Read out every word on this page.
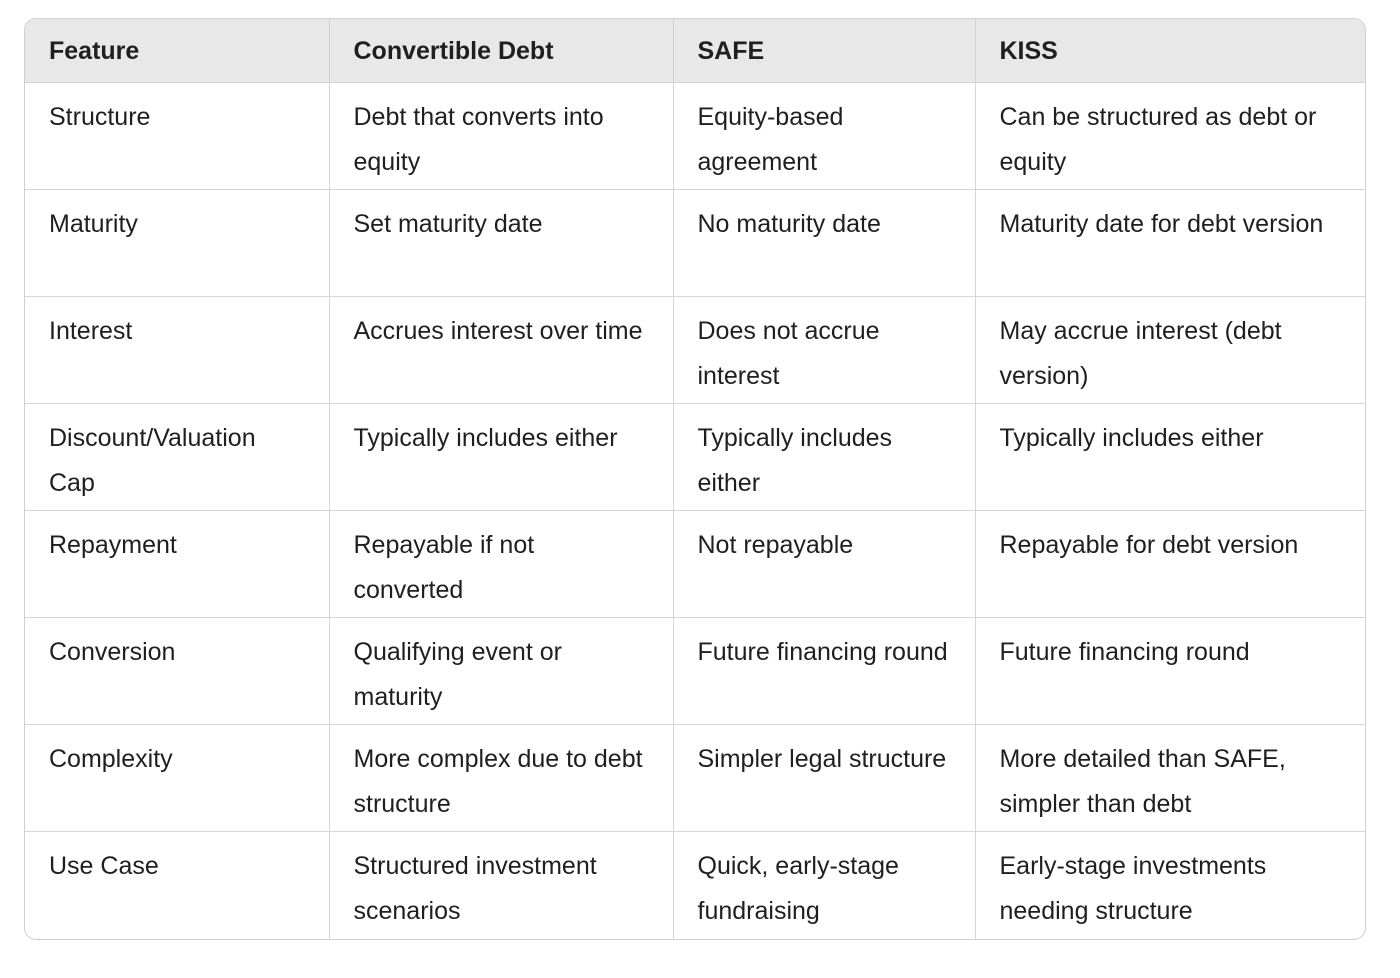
Feature	Convertible Debt	SAFE	KISS
Structure	Debt that converts into equity	Equity-based agreement	Can be structured as debt or equity
Maturity	Set maturity date	No maturity date	Maturity date for debt version
Interest	Accrues interest over time	Does not accrue interest	May accrue interest (debt version)
Discount/Valuation Cap	Typically includes either	Typically includes either	Typically includes either
Repayment	Repayable if not converted	Not repayable	Repayable for debt version
Conversion	Qualifying event or maturity	Future financing round	Future financing round
Complexity	More complex due to debt structure	Simpler legal structure	More detailed than SAFE, simpler than debt
Use Case	Structured investment scenarios	Quick, early-stage fundraising	Early-stage investments needing structure
